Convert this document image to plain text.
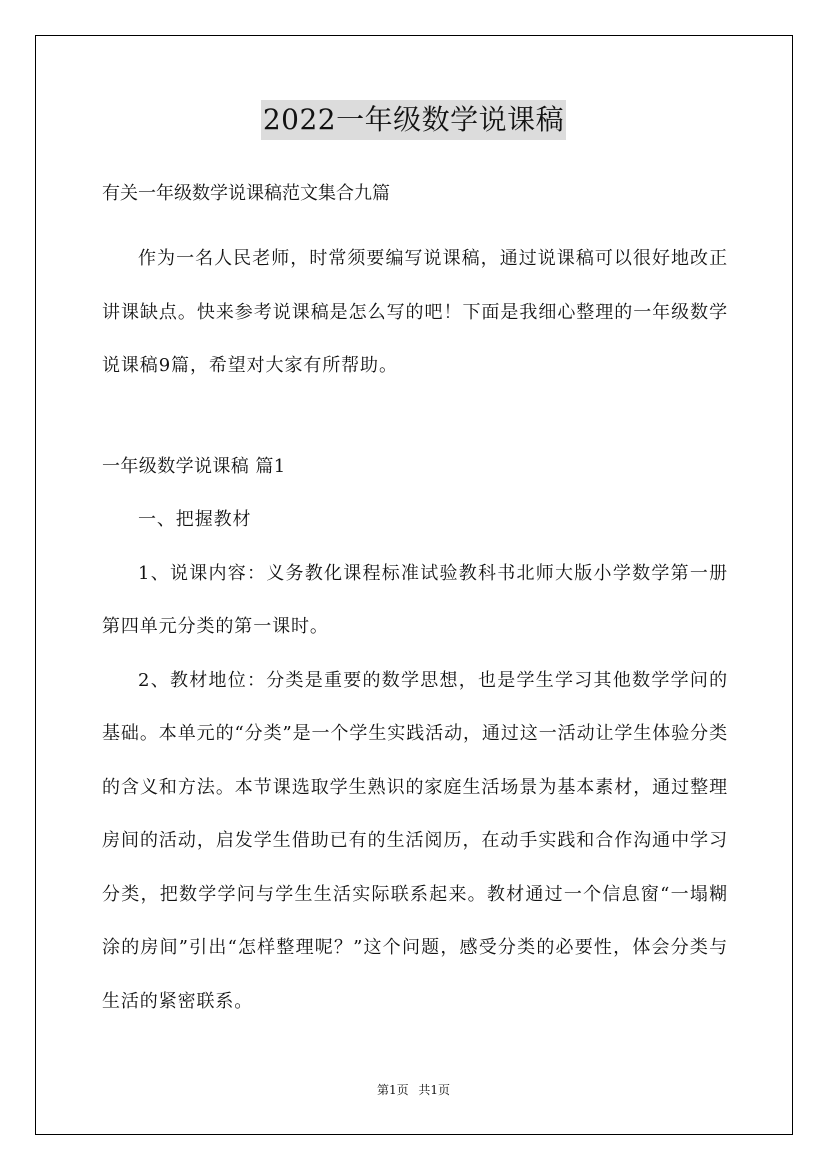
2022一年级数学说课稿

有关一年级数学说课稿范文集合九篇

作为一名人民老师，时常须要编写说课稿，通过说课稿可以很好地改正讲课缺点。快来参考说课稿是怎么写的吧！下面是我细心整理的一年级数学说课稿9篇，希望对大家有所帮助。

一年级数学说课稿 篇1

一、把握教材

1、说课内容：义务教化课程标准试验教科书北师大版小学数学第一册第四单元分类的第一课时。

2、教材地位：分类是重要的数学思想，也是学生学习其他数学学问的基础。本单元的“分类”是一个学生实践活动，通过这一活动让学生体验分类的含义和方法。本节课选取学生熟识的家庭生活场景为基本素材，通过整理房间的活动，启发学生借助已有的生活阅历，在动手实践和合作沟通中学习分类，把数学学问与学生生活实际联系起来。教材通过一个信息窗“一塌糊涂的房间”引出“怎样整理呢？”这个问题，感受分类的必要性，体会分类与生活的紧密联系。

第1页 共1页
